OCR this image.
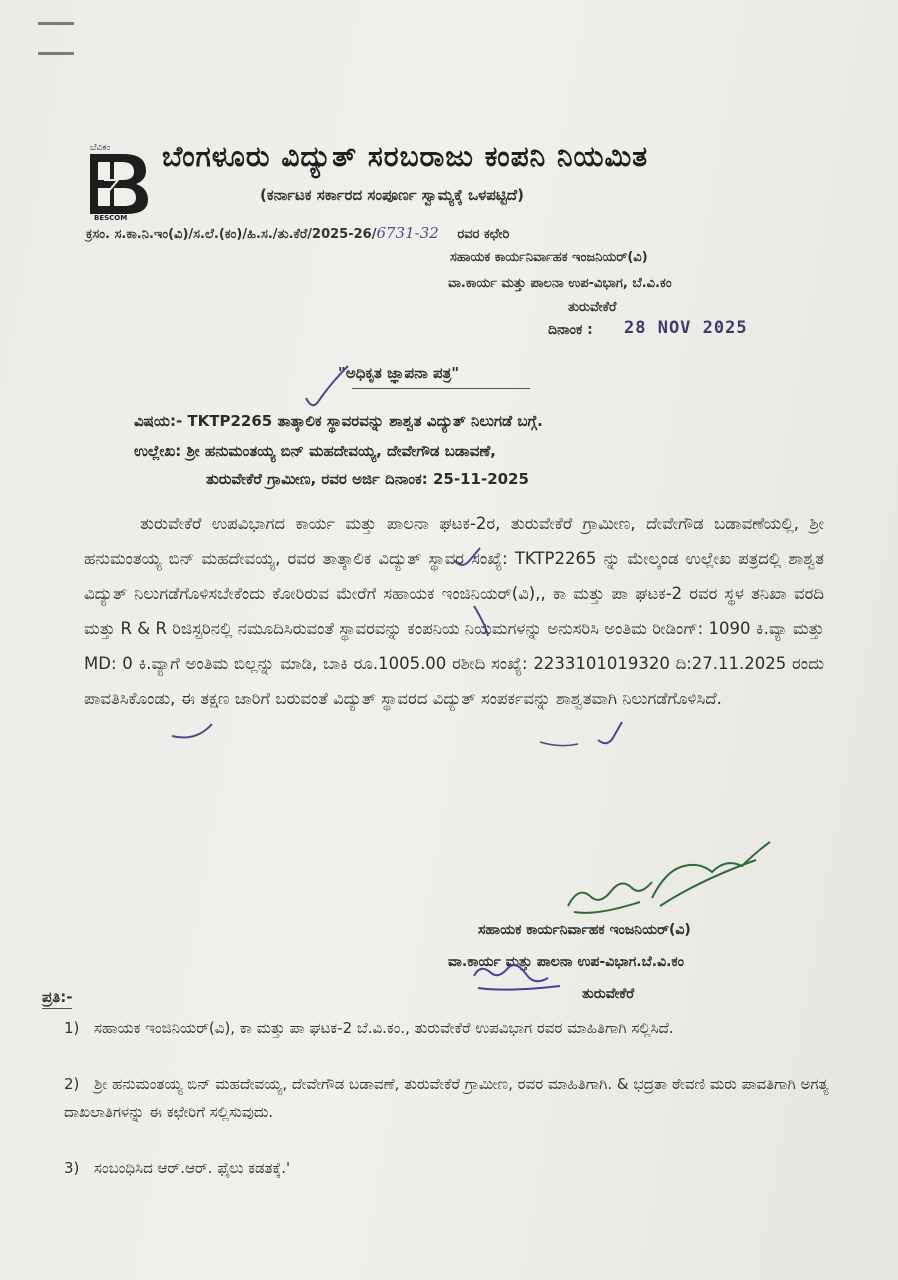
ಬೆವಿಕಂ
BESCOM
ಬೆಂಗಳೂರು ವಿದ್ಯುತ್ ಸರಬರಾಜು ಕಂಪನಿ ನಿಯಮಿತ
(ಕರ್ನಾಟಕ ಸರ್ಕಾರದ ಸಂಪೂರ್ಣ ಸ್ವಾಮ್ಯಕ್ಕೆ ಒಳಪಟ್ಟಿದೆ)
ಕ್ರಸಂ. ಸ.ಕಾ.ನಿ.ಇಂ(ವಿ)/ಸ.ಲೆ.(ಕಂ)/ಹಿ.ಸ./ತು.ಕೆರೆ/2025-26/6731-32 ರವರ ಕಛೇರಿ
ಸಹಾಯಕ ಕಾರ್ಯನಿರ್ವಾಹಕ ಇಂಜನಿಯರ್(ವಿ)
ವಾ.ಕಾರ್ಯ ಮತ್ತು ಪಾಲನಾ ಉಪ-ವಿಭಾಗ, ಬೆ.ವಿ.ಕಂ
ತುರುವೇಕೆರೆ
ದಿನಾಂಕ : 28 NOV 2025
"ಅಧಿಕೃತ ಜ್ಞಾಪನಾ ಪತ್ರ"
ವಿಷಯ:- TKTP2265 ತಾತ್ಕಾಲಿಕ ಸ್ಥಾವರವನ್ನು ಶಾಶ್ವತ ವಿದ್ಯುತ್ ನಿಲುಗಡೆ ಬಗ್ಗೆ.
ಉಲ್ಲೇಖ: ಶ್ರೀ ಹನುಮಂತಯ್ಯ ಬಿನ್ ಮಹದೇವಯ್ಯ, ದೇವೇಗೌಡ ಬಡಾವಣೆ,
ತುರುವೇಕೆರೆ ಗ್ರಾಮೀಣ, ರವರ ಅರ್ಜಿ ದಿನಾಂಕ: 25-11-2025
ತುರುವೇಕೆರೆ ಉಪವಿಭಾಗದ ಕಾರ್ಯ ಮತ್ತು ಪಾಲನಾ ಘಟಕ-2ರ, ತುರುವೇಕೆರೆ ಗ್ರಾಮೀಣ, ದೇವೇಗೌಡ ಬಡಾವಣೆಯಲ್ಲಿ, ಶ್ರೀ ಹನುಮಂತಯ್ಯ ಬಿನ್ ಮಹದೇವಯ್ಯ, ರವರ ತಾತ್ಕಾಲಿಕ ವಿದ್ಯುತ್ ಸ್ಥಾವರ ಸಂಖ್ಯೆ: TKTP2265 ನ್ನು ಮೇಲ್ಕಂಡ ಉಲ್ಲೇಖ ಪತ್ರದಲ್ಲಿ ಶಾಶ್ವತ ವಿದ್ಯುತ್ ನಿಲುಗಡೆಗೊಳಿಸಬೇಕೆಂದು ಕೋರಿರುವ ಮೇರೆಗೆ ಸಹಾಯಕ ಇಂಜಿನಿಯರ್(ವಿ),, ಕಾ ಮತ್ತು ಪಾ ಘಟಕ-2 ರವರ ಸ್ಥಳ ತನಿಖಾ ವರದಿ ಮತ್ತು R & R ರಿಜಿಸ್ಟರಿನಲ್ಲಿ ನಮೂದಿಸಿರುವಂತೆ ಸ್ಥಾವರವನ್ನು ಕಂಪನಿಯ ನಿಯಮಗಳನ್ನು ಅನುಸರಿಸಿ ಅಂತಿಮ ರೀಡಿಂಗ್: 1090 ಕಿ.ವ್ಯಾ ಮತ್ತು MD: 0 ಕಿ.ವ್ಯಾಗೆ ಅಂತಿಮ ಬಿಲ್ಲನ್ನು ಮಾಡಿ, ಬಾಕಿ ರೂ.1005.00 ರಶೀದಿ ಸಂಖ್ಯೆ: 2233101019320 ದಿ:27.11.2025 ರಂದು ಪಾವತಿಸಿಕೊಂಡು, ಈ ತಕ್ಷಣ ಜಾರಿಗೆ ಬರುವಂತೆ ವಿದ್ಯುತ್ ಸ್ಥಾವರದ ವಿದ್ಯುತ್ ಸಂಪರ್ಕವನ್ನು ಶಾಶ್ವತವಾಗಿ ನಿಲುಗಡೆಗೊಳಿಸಿದೆ.
ಸಹಾಯಕ ಕಾರ್ಯನಿರ್ವಾಹಕ ಇಂಜನಿಯರ್(ವಿ)
ವಾ.ಕಾರ್ಯ ಮತ್ತು ಪಾಲನಾ ಉಪ-ವಿಭಾಗ.ಬೆ.ವಿ.ಕಂ
ತುರುವೇಕೆರೆ
ಪ್ರತಿ:-
1) ಸಹಾಯಕ ಇಂಜಿನಿಯರ್(ವಿ), ಕಾ ಮತ್ತು ಪಾ ಘಟಕ-2 ಬೆ.ವಿ.ಕಂ., ತುರುವೇಕೆರೆ ಉಪವಿಭಾಗ ರವರ ಮಾಹಿತಿಗಾಗಿ ಸಲ್ಲಿಸಿದೆ.
2) ಶ್ರೀ ಹನುಮಂತಯ್ಯ ಬಿನ್ ಮಹದೇವಯ್ಯ, ದೇವೇಗೌಡ ಬಡಾವಣೆ, ತುರುವೇಕೆರೆ ಗ್ರಾಮೀಣ, ರವರ ಮಾಹಿತಿಗಾಗಿ. & ಭದ್ರತಾ ಠೇವಣಿ ಮರು ಪಾವತಿಗಾಗಿ ಅಗತ್ಯ ದಾಖಲಾತಿಗಳನ್ನು ಈ ಕಛೇರಿಗೆ ಸಲ್ಲಿಸುವುದು.
3) ಸಂಬಂಧಿಸಿದ ಆರ್.ಆರ್. ಫೈಲು ಕಡತಕ್ಕೆ.'
